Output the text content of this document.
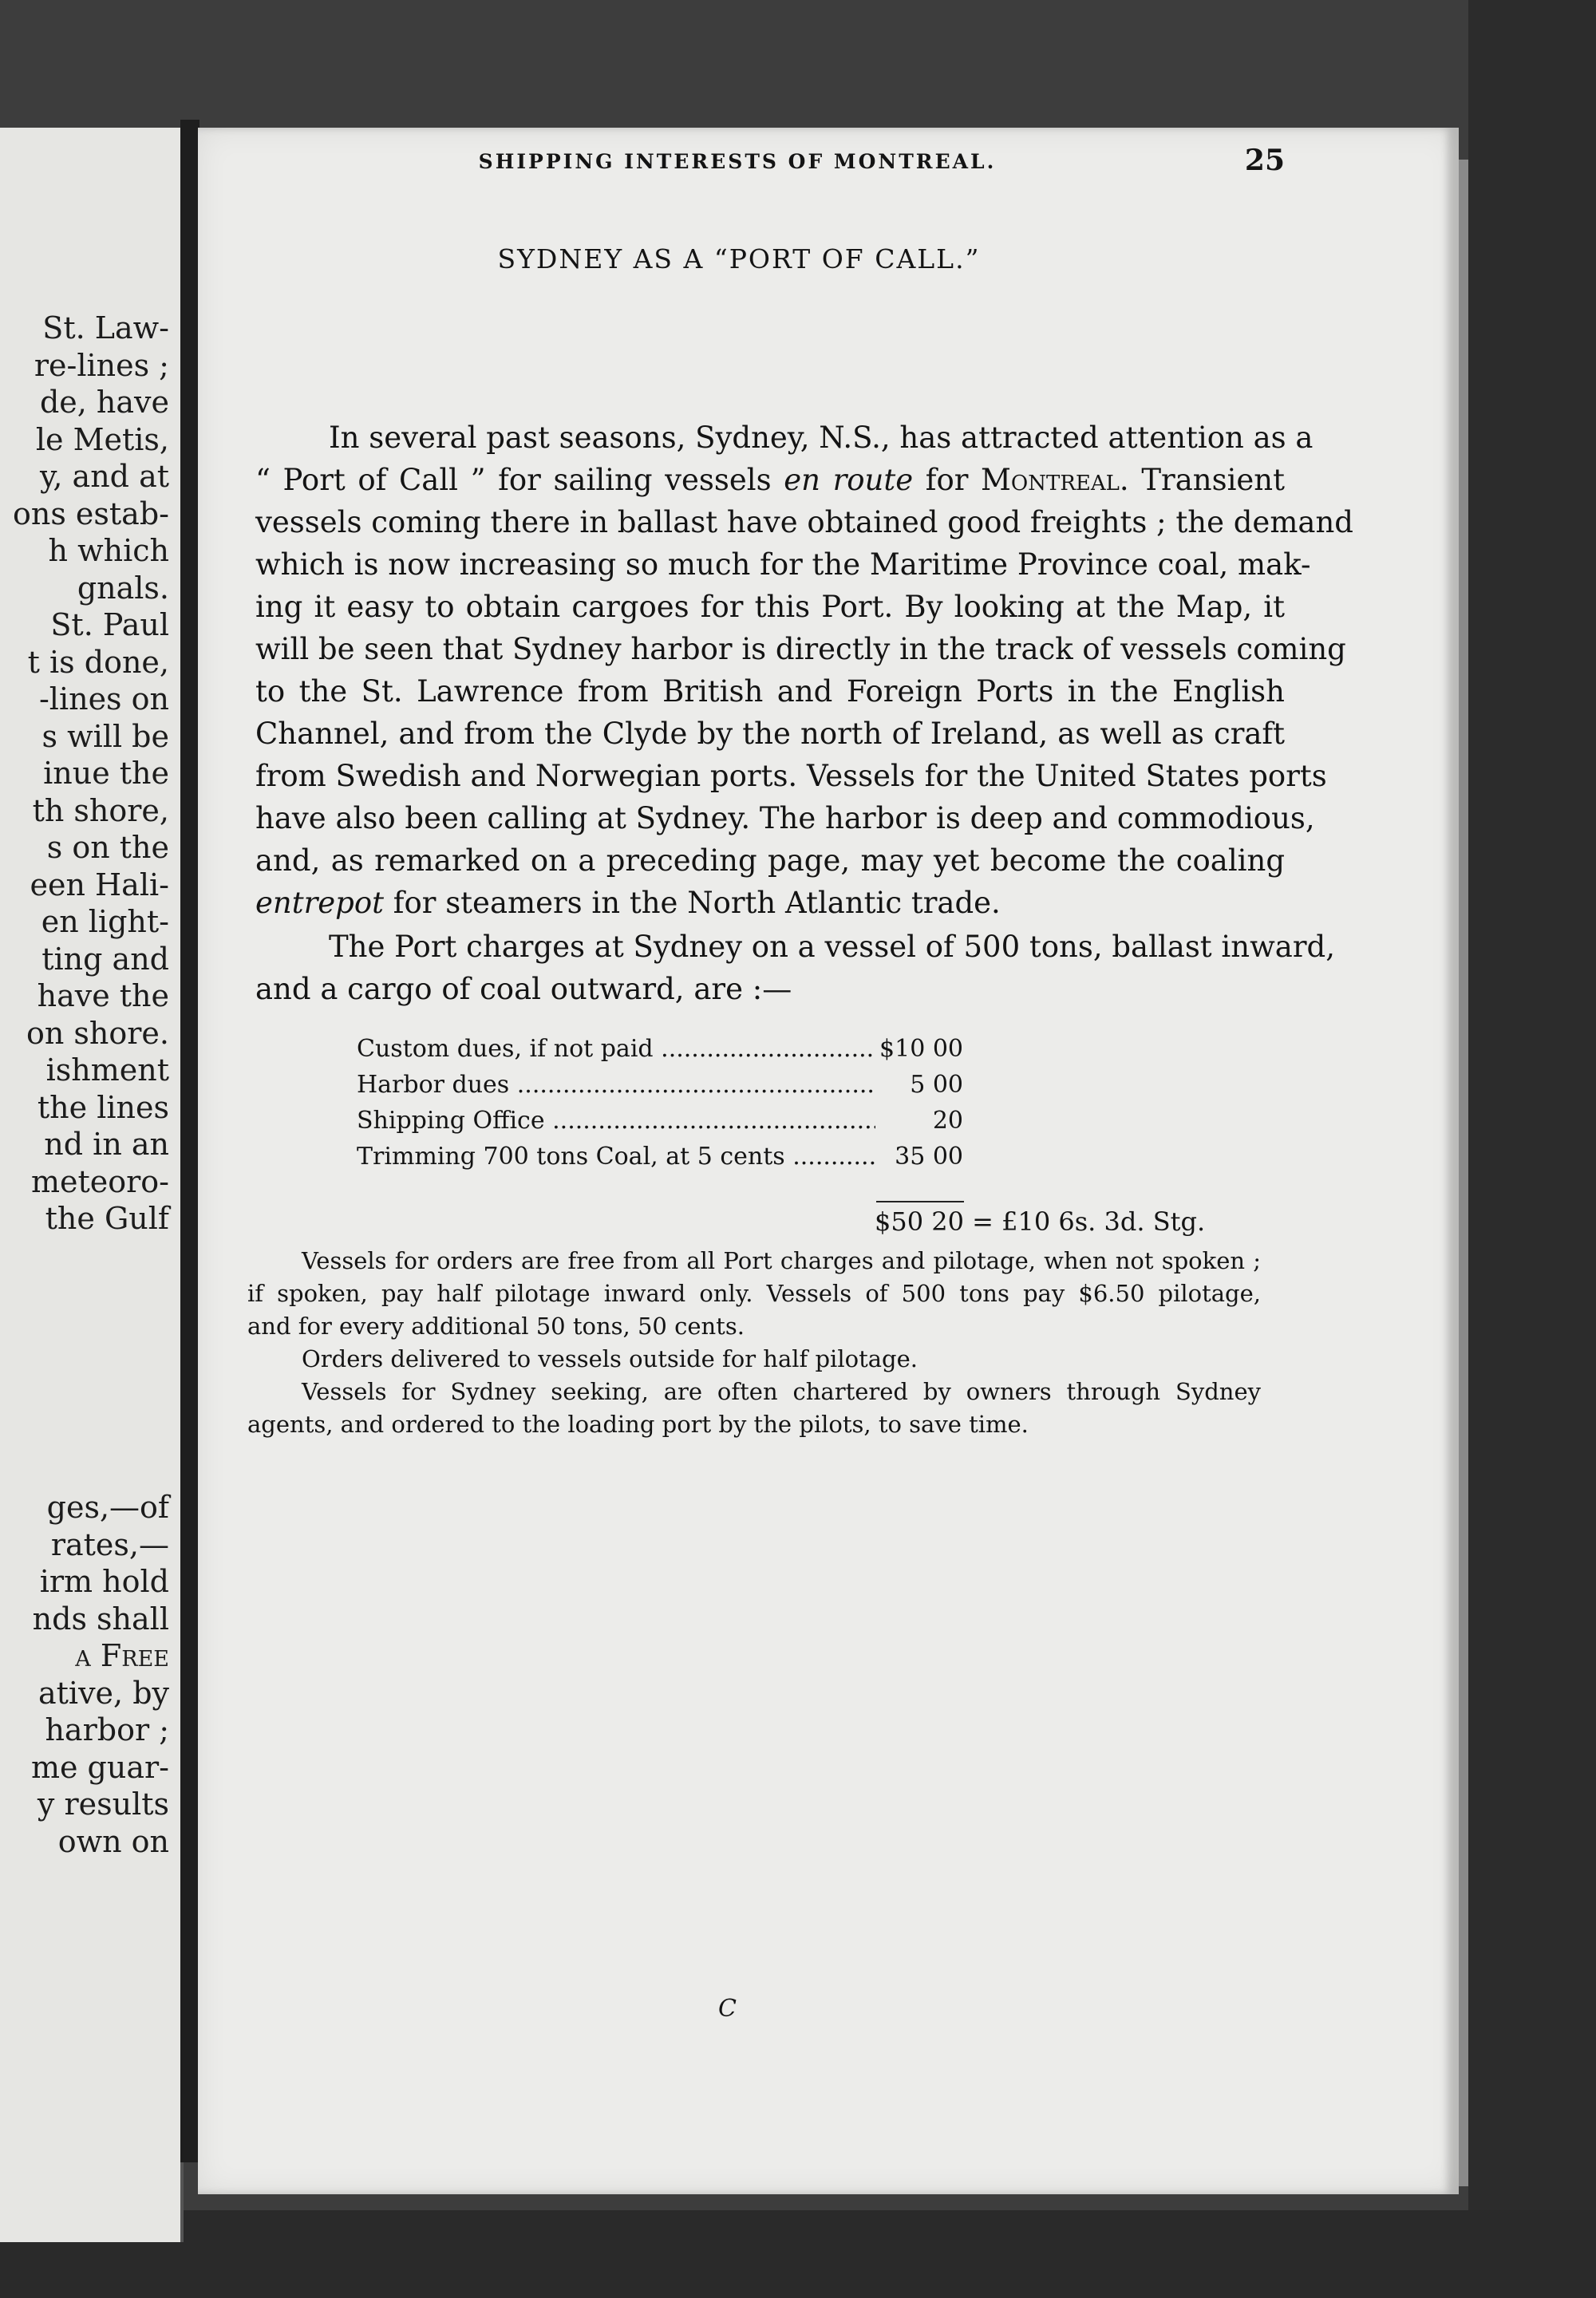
St. Law-
re-lines ;
de, have
le Metis,
y, and at
ons estab-
h which
gnals.
St. Paul
t is done,
-lines on
s will be
inue the
th shore,
s on the
een Hali-
en light-
ting and
have the
on shore.
ishment
the lines
nd in an
meteoro-
the Gulf
ges,—of
rates,—
irm hold
nds shall
a Free
ative, by
harbor ;
me guar-
y results
own on
SHIPPING INTERESTS OF MONTREAL.	25
SYDNEY AS A “PORT OF CALL.”
In several past seasons, Sydney, N.S., has attracted attention as a
“ Port of Call ” for sailing vessels en route for Montreal. Transient
vessels coming there in ballast have obtained good freights ; the demand
which is now increasing so much for the Maritime Province coal, mak-
ing it easy to obtain cargoes for this Port. By looking at the Map, it
will be seen that Sydney harbor is directly in the track of vessels coming
to the St. Lawrence from British and Foreign Ports in the English
Channel, and from the Clyde by the north of Ireland, as well as craft
from Swedish and Norwegian ports. Vessels for the United States ports
have also been calling at Sydney. The harbor is deep and commodious,
and, as remarked on a preceding page, may yet become the coaling
entrepot for steamers in the North Atlantic trade.
The Port charges at Sydney on a vessel of 500 tons, ballast inward,
and a cargo of coal outward, are :—
Custom dues, if not paid .....	$10 00
Harbor dues .....	5 00
Shipping Office .....	20
Trimming 700 tons Coal, at 5 cents .....	35 00
$50 20 = £10 6s. 3d. Stg.
Vessels for orders are free from all Port charges and pilotage, when not spoken ;
if spoken, pay half pilotage inward only. Vessels of 500 tons pay $6.50 pilotage,
and for every additional 50 tons, 50 cents.
Orders delivered to vessels outside for half pilotage.
Vessels for Sydney seeking, are often chartered by owners through Sydney
agents, and ordered to the loading port by the pilots, to save time.
C
